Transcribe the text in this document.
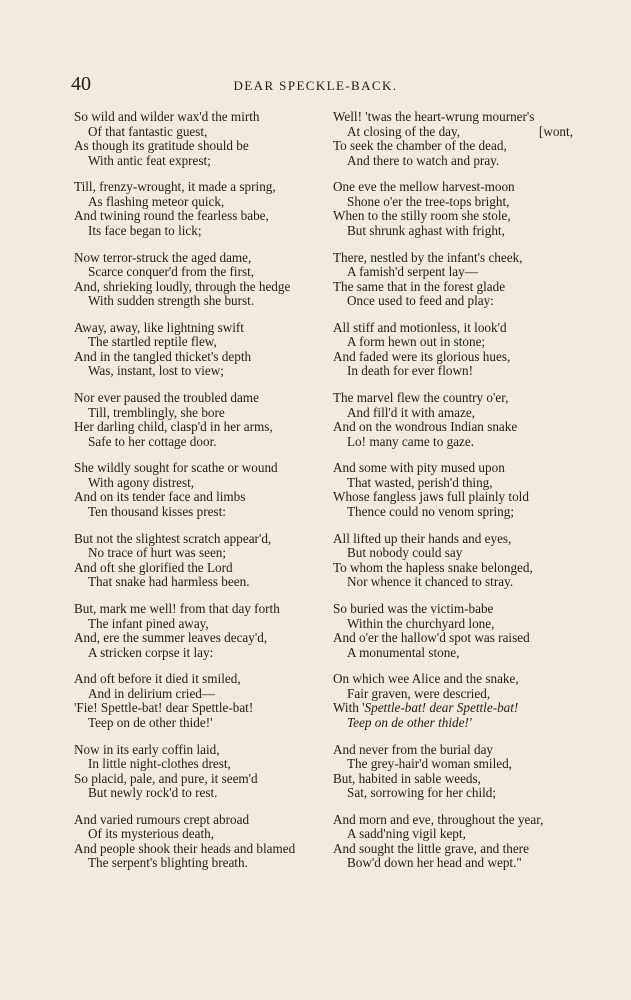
40	DEAR SPECKLE-BACK.
So wild and wilder wax'd the mirth
Of that fantastic guest,
As though its gratitude should be
With antic feat exprest;
Till, frenzy-wrought, it made a spring,
As flashing meteor quick,
And twining round the fearless babe,
Its face began to lick;
Now terror-struck the aged dame,
Scarce conquer'd from the first,
And, shrieking loudly, through the hedge
With sudden strength she burst.
Away, away, like lightning swift
The startled reptile flew,
And in the tangled thicket's depth
Was, instant, lost to view;
Nor ever paused the troubled dame
Till, tremblingly, she bore
Her darling child, clasp'd in her arms,
Safe to her cottage door.
She wildly sought for scathe or wound
With agony distrest,
And on its tender face and limbs
Ten thousand kisses prest:
But not the slightest scratch appear'd,
No trace of hurt was seen;
And oft she glorified the Lord
That snake had harmless been.
But, mark me well! from that day forth
The infant pined away,
And, ere the summer leaves decay'd,
A stricken corpse it lay:
And oft before it died it smiled,
And in delirium cried—
'Fie! Spettle-bat! dear Spettle-bat!
Teep on de other thide!'
Now in its early coffin laid,
In little night-clothes drest,
So placid, pale, and pure, it seem'd
But newly rock'd to rest.
And varied rumours crept abroad
Of its mysterious death,
And people shook their heads and blamed
The serpent's blighting breath.
Well! 'twas the heart-wrung mourner's
At closing of the day,	[wont,
To seek the chamber of the dead,
And there to watch and pray.
One eve the mellow harvest-moon
Shone o'er the tree-tops bright,
When to the stilly room she stole,
But shrunk aghast with fright,
There, nestled by the infant's cheek,
A famish'd serpent lay—
The same that in the forest glade
Once used to feed and play:
All stiff and motionless, it look'd
A form hewn out in stone;
And faded were its glorious hues,
In death for ever flown!
The marvel flew the country o'er,
And fill'd it with amaze,
And on the wondrous Indian snake
Lo! many came to gaze.
And some with pity mused upon
That wasted, perish'd thing,
Whose fangless jaws full plainly told
Thence could no venom spring;
All lifted up their hands and eyes,
But nobody could say
To whom the hapless snake belonged,
Nor whence it chanced to stray.
So buried was the victim-babe
Within the churchyard lone,
And o'er the hallow'd spot was raised
A monumental stone,
On which wee Alice and the snake,
Fair graven, were descried,
With 'Spettle-bat! dear Spettle-bat!
Teep on de other thide!'
And never from the burial day
The grey-hair'd woman smiled,
But, habited in sable weeds,
Sat, sorrowing for her child;
And morn and eve, throughout the year,
A sadd'ning vigil kept,
And sought the little grave, and there
Bow'd down her head and wept."
